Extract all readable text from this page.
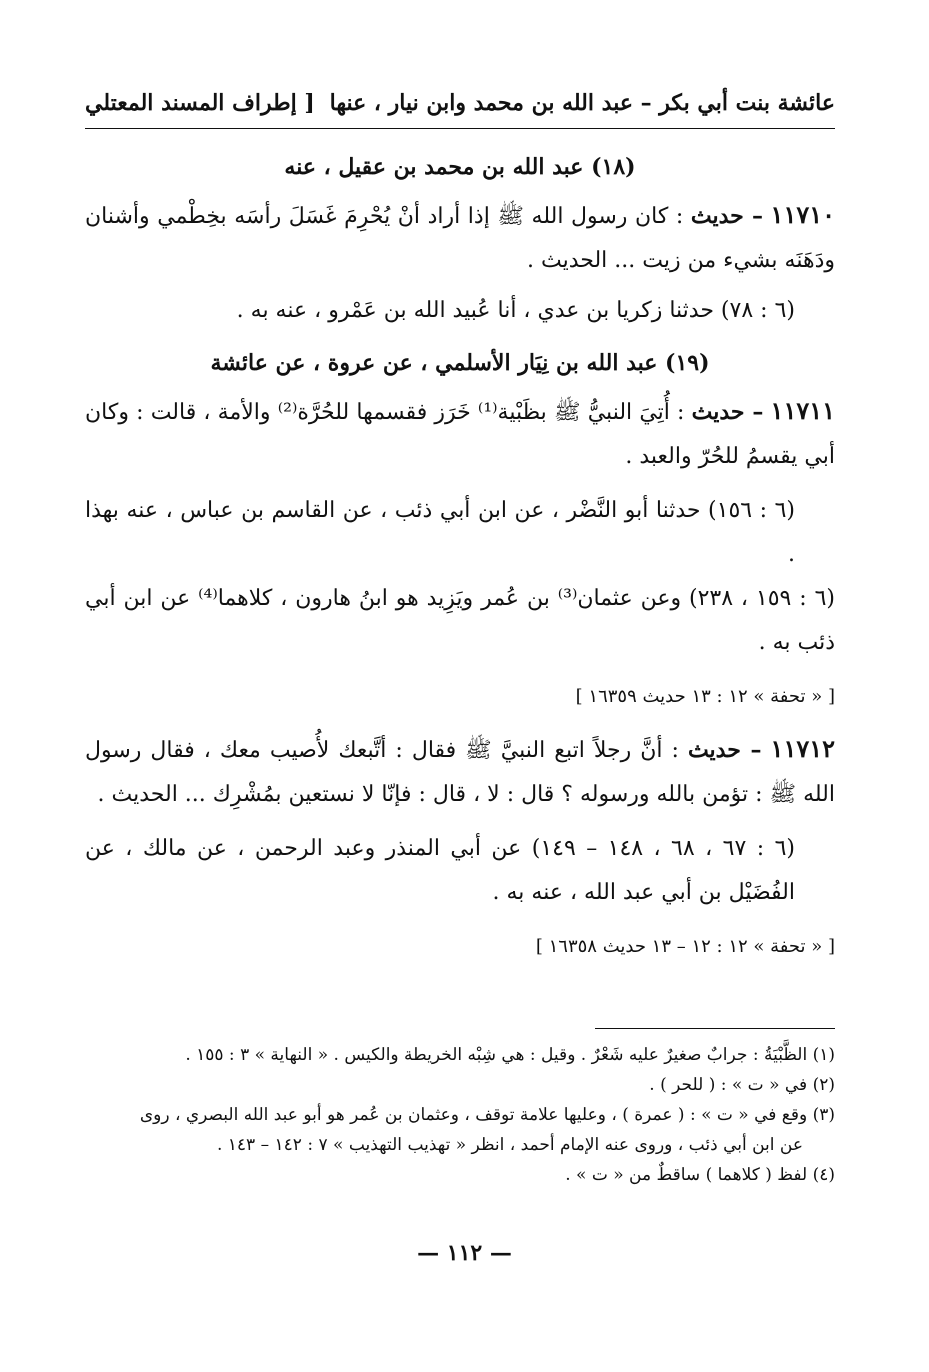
عائشة بنت أبي بكر – عبد الله بن محمد وابن نيار ، عنها
[ إطراف المسند المعتلي
(١٨) عبد الله بن محمد بن عقيل ، عنه

١١٧١٠ – حديث : كان رسول الله ﷺ إذا أراد أنْ يُحْرِمَ غَسَلَ رأسَه بخِطْمي وأشنان ودَهَنَه بشيء من زيت ... الحديث .

(٦ : ٧٨) حدثنا زكريا بن عدي ، أنا عُبيد الله بن عَمْرو ، عنه به .

(١٩) عبد الله بن نِيَار الأسلمي ، عن عروة ، عن عائشة

١١٧١١ – حديث : أُتِيَ النبيُّ ﷺ بظَبْية⁽¹⁾ خَرَز فقسمها للحُرَّة⁽²⁾ والأمة ، قالت : وكان أبي يقسمُ للحُرّ والعبد .

(٦ : ١٥٦) حدثنا أبو النَّضْر ، عن ابن أبي ذئب ، عن القاسم بن عباس ، عنه بهذا .

(٦ : ١٥٩ ، ٢٣٨) وعن عثمان⁽³⁾ بن عُمر ويَزِيد هو ابنُ هارون ، كلاهما⁽⁴⁾ عن ابن أبي ذئب به .

[ « تحفة » ١٢ : ١٣ حديث ١٦٣٥٩ ]

١١٧١٢ – حديث : أنَّ رجلاً اتبع النبيَّ ﷺ فقال : أتَّبعك لأُصيب معك ، فقال رسول الله ﷺ : تؤمن بالله ورسوله ؟ قال : لا ، قال : فإنّا لا نستعين بمُشْرِك ... الحديث .

(٦ : ٦٧ ، ٦٨ ، ١٤٨ – ١٤٩) عن أبي المنذر وعبد الرحمن ، عن مالك ، عن الفُضَيْل بن أبي عبد الله ، عنه به .

[ « تحفة » ١٢ : ١٢ – ١٣ حديث ١٦٣٥٨ ]

(١) الظَّبْيَةُ : جرابٌ صغيرٌ عليه شَعْرٌ . وقيل : هي شِبْه الخريطة والكيس . « النهاية » ٣ : ١٥٥ .

(٢) في « ت » : ( للحر ) .

(٣) وقع في « ت » : ( عمرة ) ، وعليها علامة توقف ، وعثمان بن عُمر هو أبو عبد الله البصري ، روى

عن ابن أبي ذئب ، وروى عنه الإمام أحمد ، انظر « تهذيب التهذيب » ٧ : ١٤٢ – ١٤٣ .

(٤) لفظ ( كلاهما ) ساقطٌ من « ت » .

— ١١٢ —
